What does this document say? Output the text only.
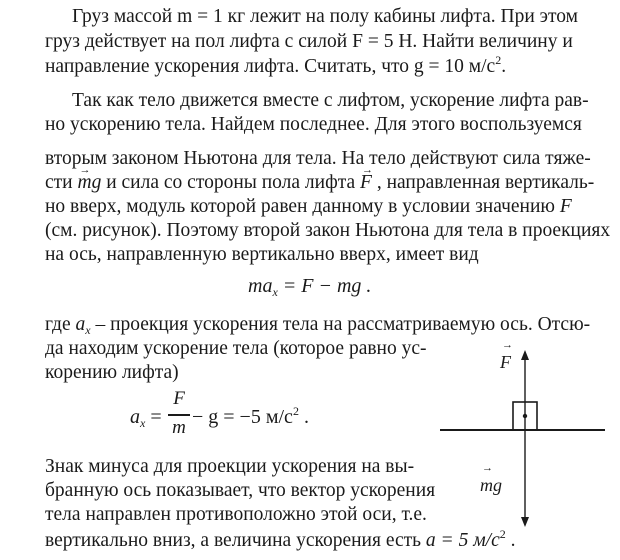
Груз массой m = 1 кг лежит на полу кабины лифта. При этом
груз действует на пол лифта с силой F = 5 Н. Найти величину и
направление ускорения лифта. Считать, что g = 10 $м/с^2$.
Так как тело движется вместе с лифтом, ускорение лифта рав-
но ускорению тела. Найдем последнее. Для этого воспользуемся
вторым законом Ньютона для тела. На тело действуют сила тяже-
сти → mg и сила со стороны пола лифта → F , направленная вертикаль-
но вверх, модуль которой равен данному в условии значению F
(см. рисунок). Поэтому второй закон Ньютона для тела в проекциях
на ось, направленную вертикально вверх, имеет вид
$ma_x = F$ − mg .
где $a_x$ – проекция ускорения тела на рассматриваемую ось. Отсю-
да находим ускорение тела (которое равно ус-
корению лифта)
$a_x$ =
F
m − g = −5 $м/с^2$ .
Знак минуса для проекции ускорения на вы-
бранную ось показывает, что вектор ускорения
тела направлен противоположно этой оси, т.е.
вертикально вниз, а величина ускорения есть a = 5 $м/с^2$ .
→ F
→ mg
